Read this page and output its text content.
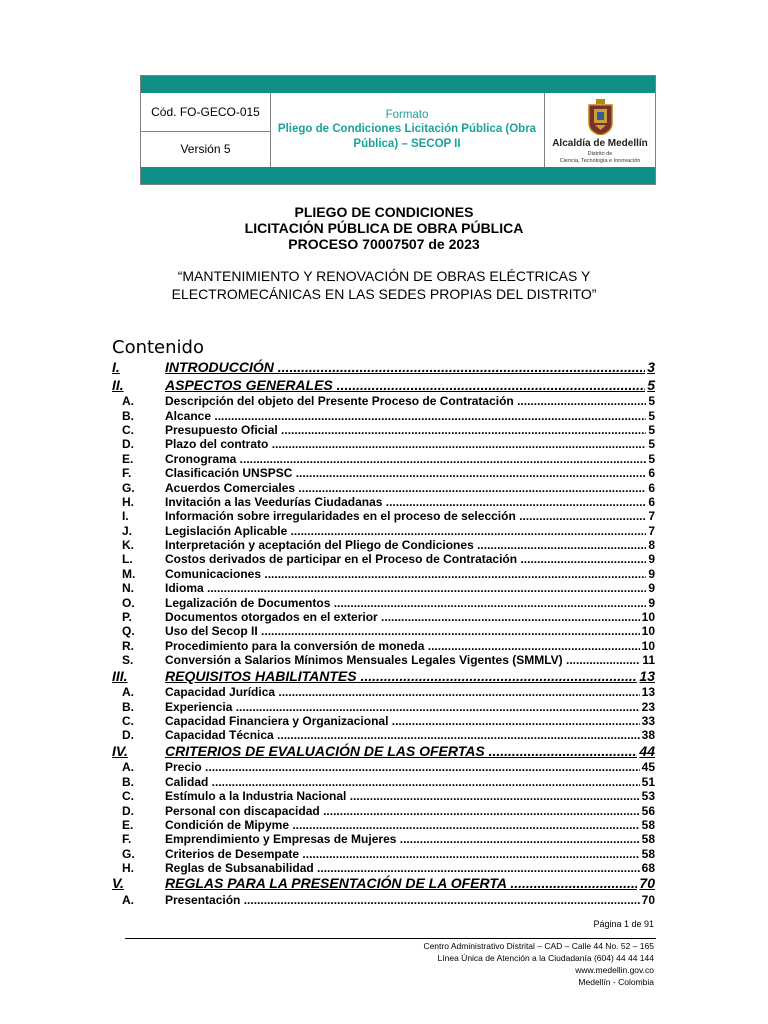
Cód. FO-GECO-015
Versión 5
Formato
Pliego de Condiciones Licitación Pública (Obra Pública) – SECOP II	Alcaldía de Medellín
Distrito de
Ciencia, Tecnología e Innovación
PLIEGO DE CONDICIONES
LICITACIÓN PÚBLICA DE OBRA PÚBLICA
PROCESO 70007507 de 2023
“MANTENIMIENTO Y RENOVACIÓN DE OBRAS ELÉCTRICAS Y
ELECTROMECÁNICAS EN LAS SEDES PROPIAS DEL DISTRITO”
Contenido
I.	INTRODUCCIÓN .....	3
II.	ASPECTOS GENERALES .....	5
A.	Descripción del objeto del Presente Proceso de Contratación .....	5
B.	Alcance .....	5
C.	Presupuesto Oficial .....	5
D.	Plazo del contrato .....	5
E.	Cronograma .....	5
F.	Clasificación UNSPSC .....	6
G.	Acuerdos Comerciales .....	6
H.	Invitación a las Veedurías Ciudadanas .....	6
I.	Información sobre irregularidades en el proceso de selección .....	7
J.	Legislación Aplicable .....	7
K.	Interpretación y aceptación del Pliego de Condiciones .....	8
L.	Costos derivados de participar en el Proceso de Contratación .....	9
M. Comunicaciones .....	9
N.	Idioma .....	9
O.	Legalización de Documentos .....	9
P.	Documentos otorgados en el exterior .....	10
Q.	Uso del Secop II .....	10
R.	Procedimiento para la conversión de moneda .....	10
S.	Conversión a Salarios Mínimos Mensuales Legales Vigentes (SMMLV) .....	11
III.	REQUISITOS HABILITANTES .....	13
A.	Capacidad Jurídica .....	13
B.	Experiencia .....	23
C.	Capacidad Financiera y Organizacional .....	33
D.	Capacidad Técnica .....	38
IV.	CRITERIOS DE EVALUACIÓN DE LAS OFERTAS .....	44
A.	Precio .....	45
B.	Calidad .....	51
C.	Estímulo a la Industria Nacional .....	53
D.	Personal con discapacidad .....	56
E.	Condición de Mipyme .....	58
F.	Emprendimiento y Empresas de Mujeres .....	58
G.	Criterios de Desempate .....	58
H.	Reglas de Subsanabilidad .....	68
V.	REGLAS PARA LA PRESENTACIÓN DE LA OFERTA .....	70
A.	Presentación .....	70
Página 1 de 91
Centro Administrativo Distrital – CAD – Calle 44 No. 52 – 165
Línea Única de Atención a la Ciudadanía (604) 44 44 144
www.medellin.gov.co
Medellín - Colombia
